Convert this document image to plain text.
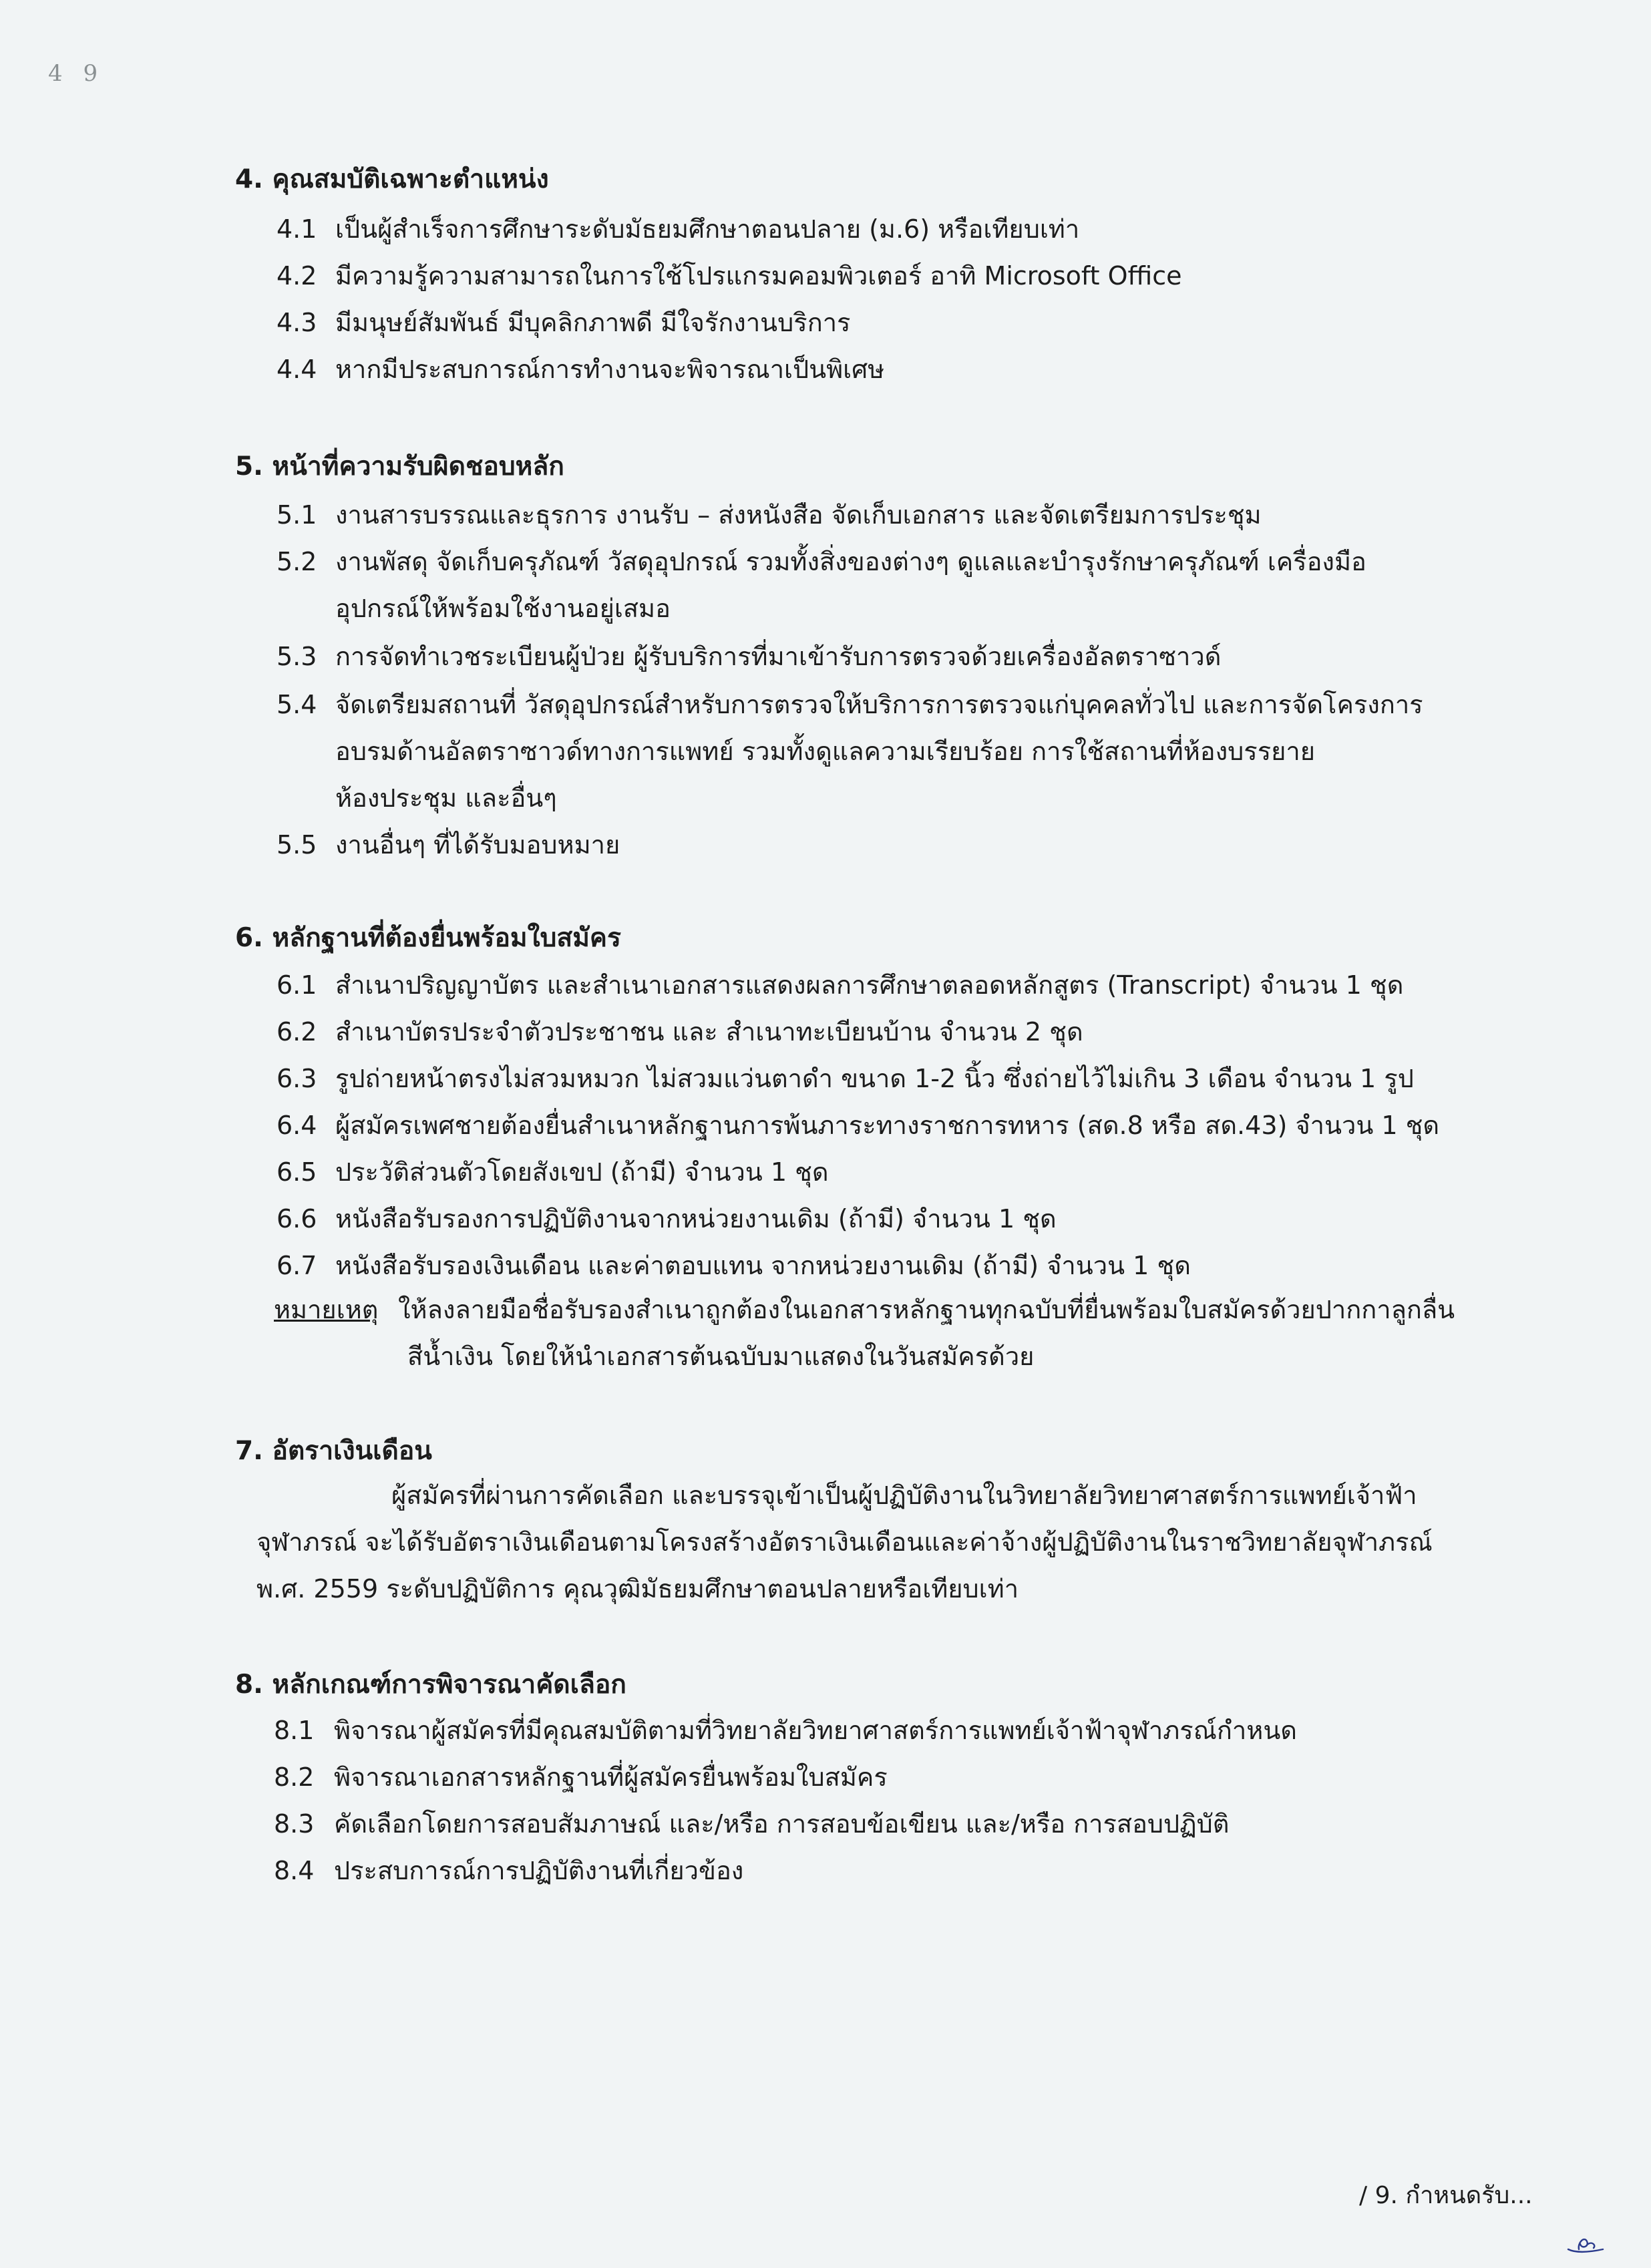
4 9
4. คุณสมบัติเฉพาะตำแหน่ง
4.1 เป็นผู้สำเร็จการศึกษาระดับมัธยมศึกษาตอนปลาย (ม.6) หรือเทียบเท่า
4.2 มีความรู้ความสามารถในการใช้โปรแกรมคอมพิวเตอร์ อาทิ Microsoft Office
4.3 มีมนุษย์สัมพันธ์ มีบุคลิกภาพดี มีใจรักงานบริการ
4.4 หากมีประสบการณ์การทำงานจะพิจารณาเป็นพิเศษ
5. หน้าที่ความรับผิดชอบหลัก
5.1 งานสารบรรณและธุรการ งานรับ – ส่งหนังสือ จัดเก็บเอกสาร และจัดเตรียมการประชุม
5.2 งานพัสดุ จัดเก็บครุภัณฑ์ วัสดุอุปกรณ์ รวมทั้งสิ่งของต่างๆ ดูแลและบำรุงรักษาครุภัณฑ์ เครื่องมือ
อุปกรณ์ให้พร้อมใช้งานอยู่เสมอ
5.3 การจัดทำเวชระเบียนผู้ป่วย ผู้รับบริการที่มาเข้ารับการตรวจด้วยเครื่องอัลตราซาวด์
5.4 จัดเตรียมสถานที่ วัสดุอุปกรณ์สำหรับการตรวจให้บริการการตรวจแก่บุคคลทั่วไป และการจัดโครงการ
อบรมด้านอัลตราซาวด์ทางการแพทย์ รวมทั้งดูแลความเรียบร้อย การใช้สถานที่ห้องบรรยาย
ห้องประชุม และอื่นๆ
5.5 งานอื่นๆ ที่ได้รับมอบหมาย
6. หลักฐานที่ต้องยื่นพร้อมใบสมัคร
6.1 สำเนาปริญญาบัตร และสำเนาเอกสารแสดงผลการศึกษาตลอดหลักสูตร (Transcript) จำนวน 1 ชุด
6.2 สำเนาบัตรประจำตัวประชาชน และ สำเนาทะเบียนบ้าน จำนวน 2 ชุด
6.3 รูปถ่ายหน้าตรงไม่สวมหมวก ไม่สวมแว่นตาดำ ขนาด 1-2 นิ้ว ซึ่งถ่ายไว้ไม่เกิน 3 เดือน จำนวน 1 รูป
6.4 ผู้สมัครเพศชายต้องยื่นสำเนาหลักฐานการพ้นภาระทางราชการทหาร (สด.8 หรือ สด.43) จำนวน 1 ชุด
6.5 ประวัติส่วนตัวโดยสังเขป (ถ้ามี) จำนวน 1 ชุด
6.6 หนังสือรับรองการปฏิบัติงานจากหน่วยงานเดิม (ถ้ามี) จำนวน 1 ชุด
6.7 หนังสือรับรองเงินเดือน และค่าตอบแทน จากหน่วยงานเดิม (ถ้ามี) จำนวน 1 ชุด
หมายเหตุ ให้ลงลายมือชื่อรับรองสำเนาถูกต้องในเอกสารหลักฐานทุกฉบับที่ยื่นพร้อมใบสมัครด้วยปากกาลูกลื่น
สีน้ำเงิน โดยให้นำเอกสารต้นฉบับมาแสดงในวันสมัครด้วย
7. อัตราเงินเดือน
ผู้สมัครที่ผ่านการคัดเลือก และบรรจุเข้าเป็นผู้ปฏิบัติงานในวิทยาลัยวิทยาศาสตร์การแพทย์เจ้าฟ้า
จุฬาภรณ์ จะได้รับอัตราเงินเดือนตามโครงสร้างอัตราเงินเดือนและค่าจ้างผู้ปฏิบัติงานในราชวิทยาลัยจุฬาภรณ์
พ.ศ. 2559 ระดับปฏิบัติการ คุณวุฒิมัธยมศึกษาตอนปลายหรือเทียบเท่า
8. หลักเกณฑ์การพิจารณาคัดเลือก
8.1 พิจารณาผู้สมัครที่มีคุณสมบัติตามที่วิทยาลัยวิทยาศาสตร์การแพทย์เจ้าฟ้าจุฬาภรณ์กำหนด
8.2 พิจารณาเอกสารหลักฐานที่ผู้สมัครยื่นพร้อมใบสมัคร
8.3 คัดเลือกโดยการสอบสัมภาษณ์ และ/หรือ การสอบข้อเขียน และ/หรือ การสอบปฏิบัติ
8.4 ประสบการณ์การปฏิบัติงานที่เกี่ยวข้อง
/ 9. กำหนดรับ...
